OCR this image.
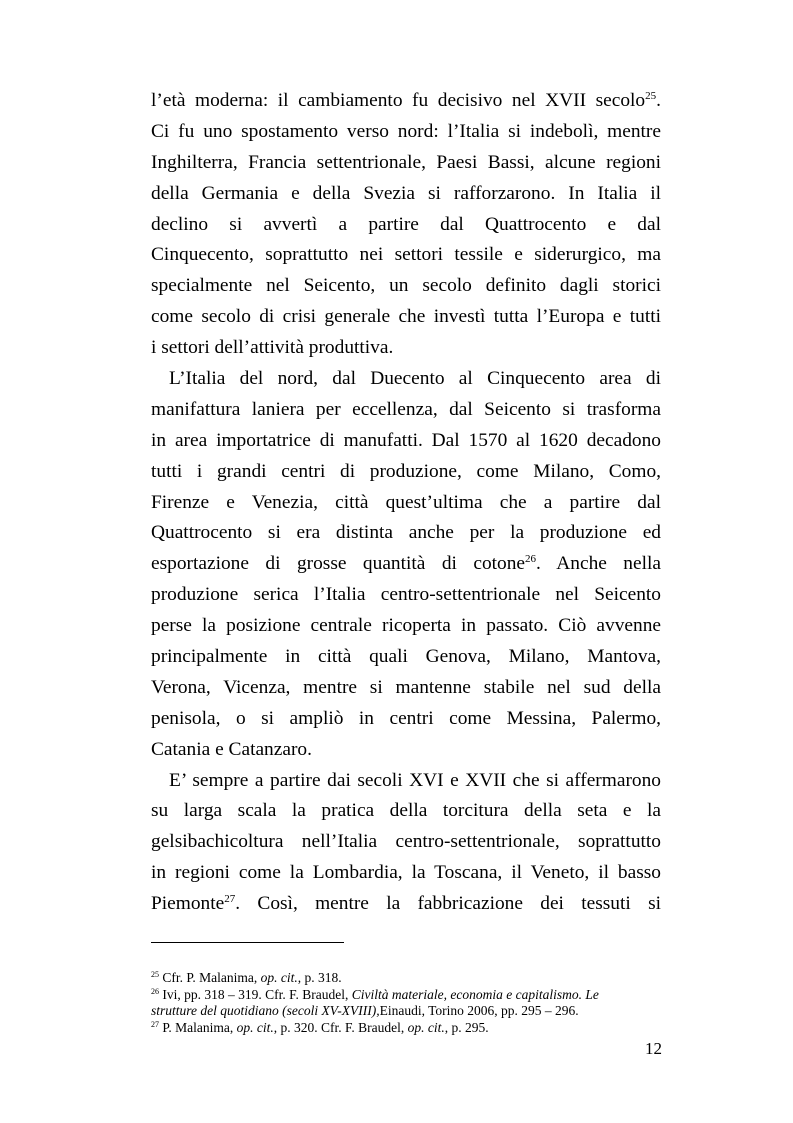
l’età moderna: il cambiamento fu decisivo nel XVII secolo$^{25}$.
Ci fu uno spostamento verso nord: l’Italia si indebolì, mentre
Inghilterra, Francia settentrionale, Paesi Bassi, alcune regioni
della Germania e della Svezia si rafforzarono. In Italia il
declino si avvertì a partire dal Quattrocento e dal
Cinquecento, soprattutto nei settori tessile e siderurgico, ma
specialmente nel Seicento, un secolo definito dagli storici
come secolo di crisi generale che investì tutta l’Europa e tutti
i settori dell’attività produttiva.
L’Italia del nord, dal Duecento al Cinquecento area di
manifattura laniera per eccellenza, dal Seicento si trasforma
in area importatrice di manufatti. Dal 1570 al 1620 decadono
tutti i grandi centri di produzione, come Milano, Como,
Firenze e Venezia, città quest’ultima che a partire dal
Quattrocento si era distinta anche per la produzione ed
esportazione di grosse quantità di cotone$^{26}$. Anche nella
produzione serica l’Italia centro-settentrionale nel Seicento
perse la posizione centrale ricoperta in passato. Ciò avvenne
principalmente in città quali Genova, Milano, Mantova,
Verona, Vicenza, mentre si mantenne stabile nel sud della
penisola, o si ampliò in centri come Messina, Palermo,
Catania e Catanzaro.
E’ sempre a partire dai secoli XVI e XVII che si affermarono
su larga scala la pratica della torcitura della seta e la
gelsibachicoltura nell’Italia centro-settentrionale, soprattutto
in regioni come la Lombardia, la Toscana, il Veneto, il basso
Piemonte$^{27}$. Così, mentre la fabbricazione dei tessuti si
$^{25}$ Cfr. P. Malanima, op. cit., p. 318.
$^{26}$ Ivi, pp. 318 – 319. Cfr. F. Braudel, Civiltà materiale, economia e capitalismo. Le
strutture del quotidiano (secoli XV-XVIII),Einaudi, Torino 2006, pp. 295 – 296.
$^{27}$ P. Malanima, op. cit., p. 320. Cfr. F. Braudel, op. cit., p. 295.
12
